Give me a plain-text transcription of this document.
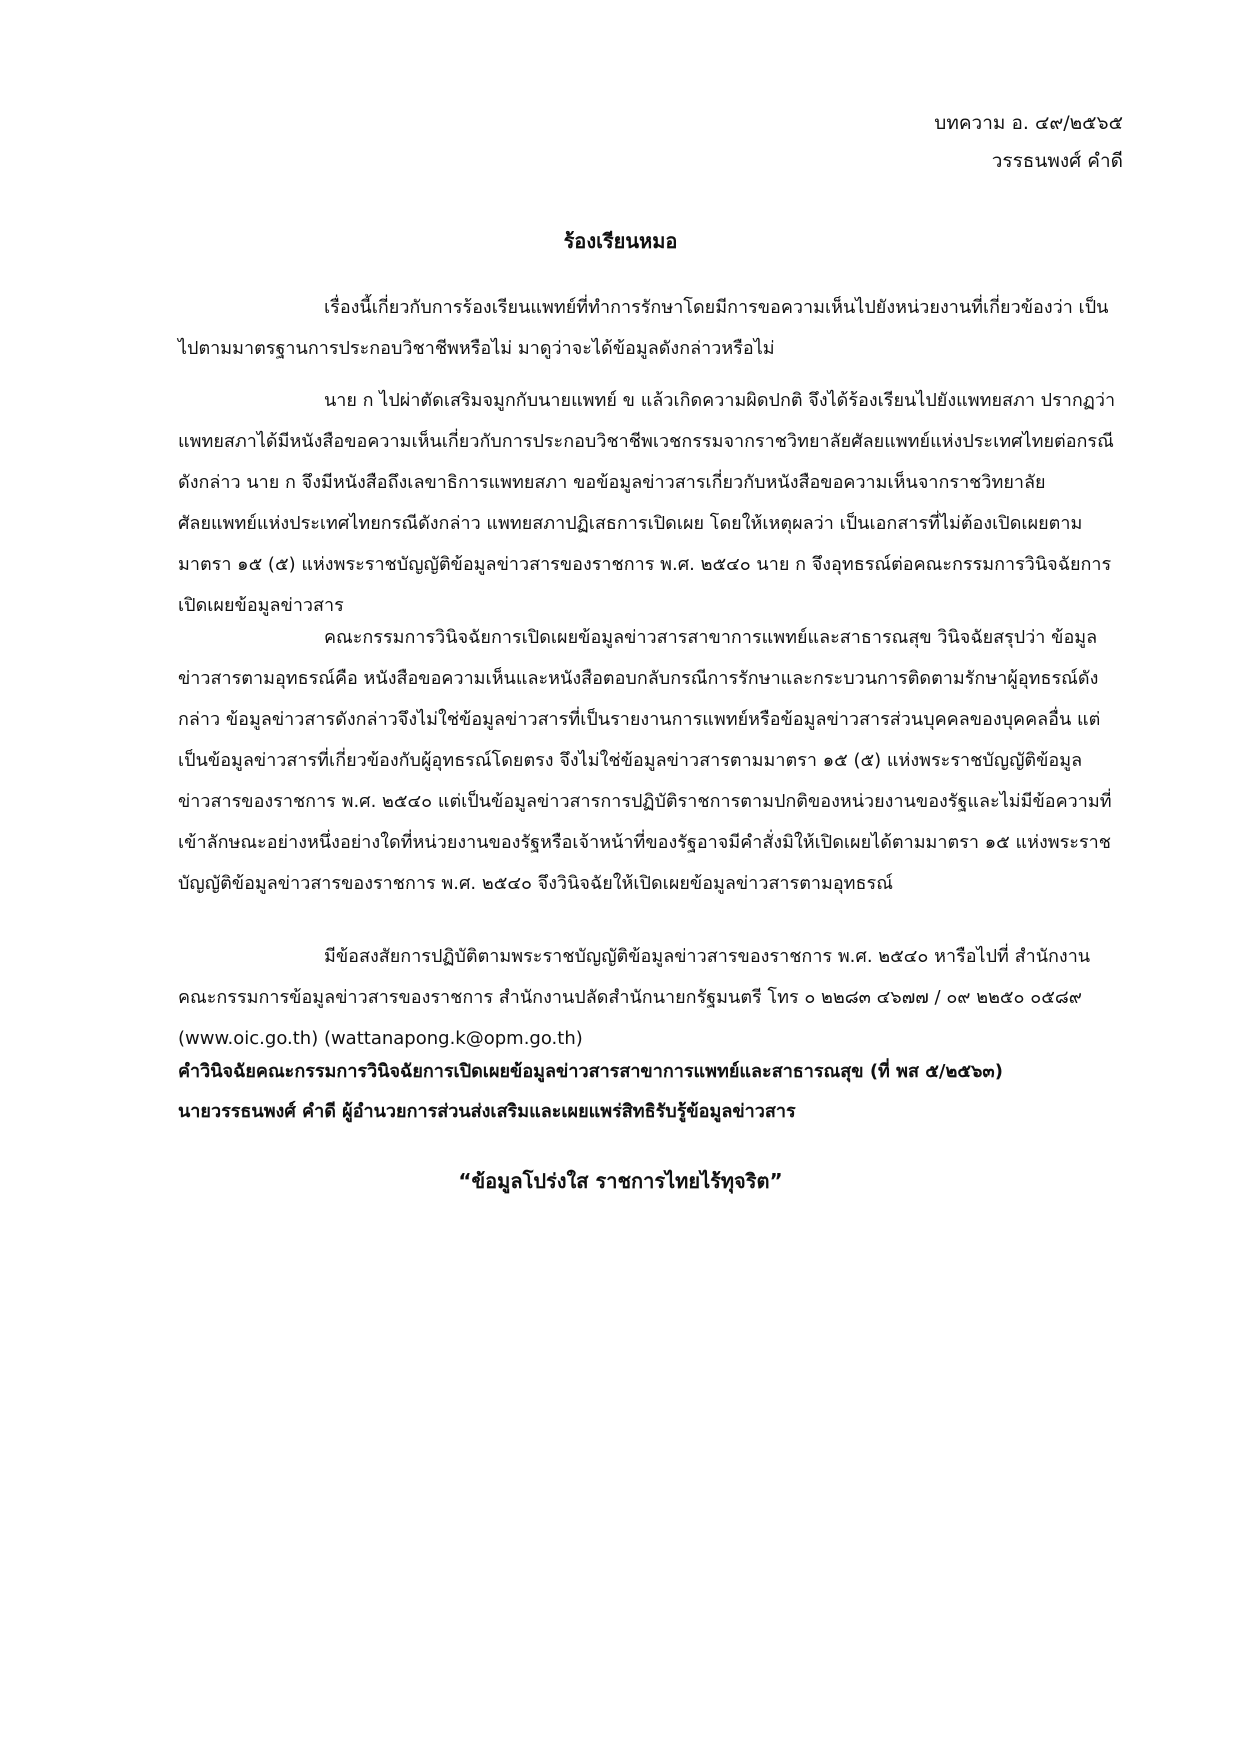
บทความ อ. ๔๙/๒๕๖๕
วรรธนพงศ์ คำดี
ร้องเรียนหมอ
เรื่องนี้เกี่ยวกับการร้องเรียนแพทย์ที่ทำการรักษาโดยมีการขอความเห็นไปยังหน่วยงานที่เกี่ยวข้องว่า เป็นไปตามมาตรฐานการประกอบวิชาชีพหรือไม่ มาดูว่าจะได้ข้อมูลดังกล่าวหรือไม่
นาย ก ไปผ่าตัดเสริมจมูกกับนายแพทย์ ข แล้วเกิดความผิดปกติ จึงได้ร้องเรียนไปยังแพทยสภา ปรากฏว่าแพทยสภาได้มีหนังสือขอความเห็นเกี่ยวกับการประกอบวิชาชีพเวชกรรมจากราชวิทยาลัยศัลยแพทย์แห่งประเทศไทยต่อกรณีดังกล่าว นาย ก จึงมีหนังสือถึงเลขาธิการแพทยสภา ขอข้อมูลข่าวสารเกี่ยวกับหนังสือขอความเห็นจากราชวิทยาลัยศัลยแพทย์แห่งประเทศไทยกรณีดังกล่าว แพทยสภาปฏิเสธการเปิดเผย โดยให้เหตุผลว่า เป็นเอกสารที่ไม่ต้องเปิดเผยตามมาตรา ๑๕ (๕) แห่งพระราชบัญญัติข้อมูลข่าวสารของราชการ พ.ศ. ๒๕๔๐ นาย ก จึงอุทธรณ์ต่อคณะกรรมการวินิจฉัยการเปิดเผยข้อมูลข่าวสาร
คณะกรรมการวินิจฉัยการเปิดเผยข้อมูลข่าวสารสาขาการแพทย์และสาธารณสุข วินิจฉัยสรุปว่า ข้อมูลข่าวสารตามอุทธรณ์คือ หนังสือขอความเห็นและหนังสือตอบกลับกรณีการรักษาและกระบวนการติดตามรักษาผู้อุทธรณ์ดังกล่าว ข้อมูลข่าวสารดังกล่าวจึงไม่ใช่ข้อมูลข่าวสารที่เป็นรายงานการแพทย์หรือข้อมูลข่าวสารส่วนบุคคลของบุคคลอื่น แต่เป็นข้อมูลข่าวสารที่เกี่ยวข้องกับผู้อุทธรณ์โดยตรง จึงไม่ใช่ข้อมูลข่าวสารตามมาตรา ๑๕ (๕) แห่งพระราชบัญญัติข้อมูลข่าวสารของราชการ พ.ศ. ๒๕๔๐ แต่เป็นข้อมูลข่าวสารการปฏิบัติราชการตามปกติของหน่วยงานของรัฐและไม่มีข้อความที่เข้าลักษณะอย่างหนึ่งอย่างใดที่หน่วยงานของรัฐหรือเจ้าหน้าที่ของรัฐอาจมีคำสั่งมิให้เปิดเผยได้ตามมาตรา ๑๕ แห่งพระราชบัญญัติข้อมูลข่าวสารของราชการ พ.ศ. ๒๕๔๐ จึงวินิจฉัยให้เปิดเผยข้อมูลข่าวสารตามอุทธรณ์
มีข้อสงสัยการปฏิบัติตามพระราชบัญญัติข้อมูลข่าวสารของราชการ พ.ศ. ๒๕๔๐ หารือไปที่ สำนักงานคณะกรรมการข้อมูลข่าวสารของราชการ สำนักงานปลัดสำนักนายกรัฐมนตรี โทร ๐ ๒๒๘๓ ๔๖๗๗ / ๐๙ ๒๒๕๐ ๐๕๘๙ (www.oic.go.th) (wattanapong.k@opm.go.th)
คำวินิจฉัยคณะกรรมการวินิจฉัยการเปิดเผยข้อมูลข่าวสารสาขาการแพทย์และสาธารณสุข (ที่ พส ๕/๒๕๖๓)
นายวรรธนพงศ์ คำดี ผู้อำนวยการส่วนส่งเสริมและเผยแพร่สิทธิรับรู้ข้อมูลข่าวสาร
“ข้อมูลโปร่งใส ราชการไทยไร้ทุจริต”
